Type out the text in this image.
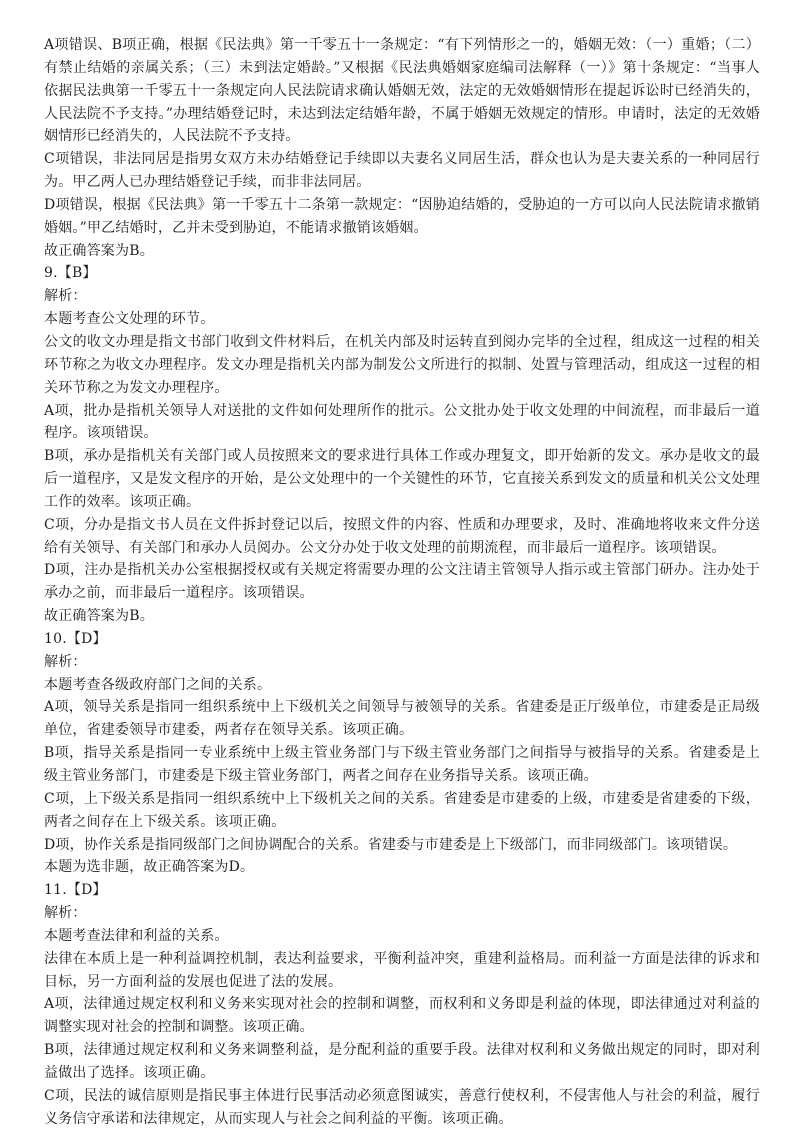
A项错误、B项正确，根据《民法典》第一千零五十一条规定：“有下列情形之一的，婚姻无效：（一）重婚；（二）有禁止结婚的亲属关系；（三）未到法定婚龄。”又根据《民法典婚姻家庭编司法解释（一）》第十条规定：“当事人依据民法典第一千零五十一条规定向人民法院请求确认婚姻无效，法定的无效婚姻情形在提起诉讼时已经消失的，人民法院不予支持。”办理结婚登记时，未达到法定结婚年龄，不属于婚姻无效规定的情形。申请时，法定的无效婚姻情形已经消失的，人民法院不予支持。

C项错误，非法同居是指男女双方未办结婚登记手续即以夫妻名义同居生活，群众也认为是夫妻关系的一种同居行为。甲乙两人已办理结婚登记手续，而非非法同居。

D项错误，根据《民法典》第一千零五十二条第一款规定：“因胁迫结婚的，受胁迫的一方可以向人民法院请求撤销婚姻。”甲乙结婚时，乙并未受到胁迫，不能请求撤销该婚姻。

故正确答案为B。

9.【B】

解析：

本题考查公文处理的环节。

公文的收文办理是指文书部门收到文件材料后，在机关内部及时运转直到阅办完毕的全过程，组成这一过程的相关环节称之为收文办理程序。发文办理是指机关内部为制发公文所进行的拟制、处置与管理活动，组成这一过程的相关环节称之为发文办理程序。

A项，批办是指机关领导人对送批的文件如何处理所作的批示。公文批办处于收文处理的中间流程，而非最后一道程序。该项错误。

B项，承办是指机关有关部门或人员按照来文的要求进行具体工作或办理复文，即开始新的发文。承办是收文的最后一道程序，又是发文程序的开始，是公文处理中的一个关键性的环节，它直接关系到发文的质量和机关公文处理工作的效率。该项正确。

C项，分办是指文书人员在文件拆封登记以后，按照文件的内容、性质和办理要求，及时、准确地将收来文件分送给有关领导、有关部门和承办人员阅办。公文分办处于收文处理的前期流程，而非最后一道程序。该项错误。

D项，注办是指机关办公室根据授权或有关规定将需要办理的公文注请主管领导人指示或主管部门研办。注办处于承办之前，而非最后一道程序。该项错误。

故正确答案为B。

10.【D】

解析：

本题考查各级政府部门之间的关系。

A项，领导关系是指同一组织系统中上下级机关之间领导与被领导的关系。省建委是正厅级单位，市建委是正局级单位，省建委领导市建委，两者存在领导关系。该项正确。

B项，指导关系是指同一专业系统中上级主管业务部门与下级主管业务部门之间指导与被指导的关系。省建委是上级主管业务部门，市建委是下级主管业务部门，两者之间存在业务指导关系。该项正确。

C项，上下级关系是指同一组织系统中上下级机关之间的关系。省建委是市建委的上级，市建委是省建委的下级，两者之间存在上下级关系。该项正确。

D项，协作关系是指同级部门之间协调配合的关系。省建委与市建委是上下级部门，而非同级部门。该项错误。

本题为选非题，故正确答案为D。

11.【D】

解析：

本题考查法律和利益的关系。

法律在本质上是一种利益调控机制，表达利益要求，平衡利益冲突，重建利益格局。而利益一方面是法律的诉求和目标，另一方面利益的发展也促进了法的发展。

A项，法律通过规定权利和义务来实现对社会的控制和调整，而权利和义务即是利益的体现，即法律通过对利益的调整实现对社会的控制和调整。该项正确。

B项，法律通过规定权利和义务来调整利益，是分配利益的重要手段。法律对权利和义务做出规定的同时，即对利益做出了选择。该项正确。

C项，民法的诚信原则是指民事主体进行民事活动必须意图诚实，善意行使权利，不侵害他人与社会的利益，履行义务信守承诺和法律规定，从而实现人与社会之间利益的平衡。该项正确。
